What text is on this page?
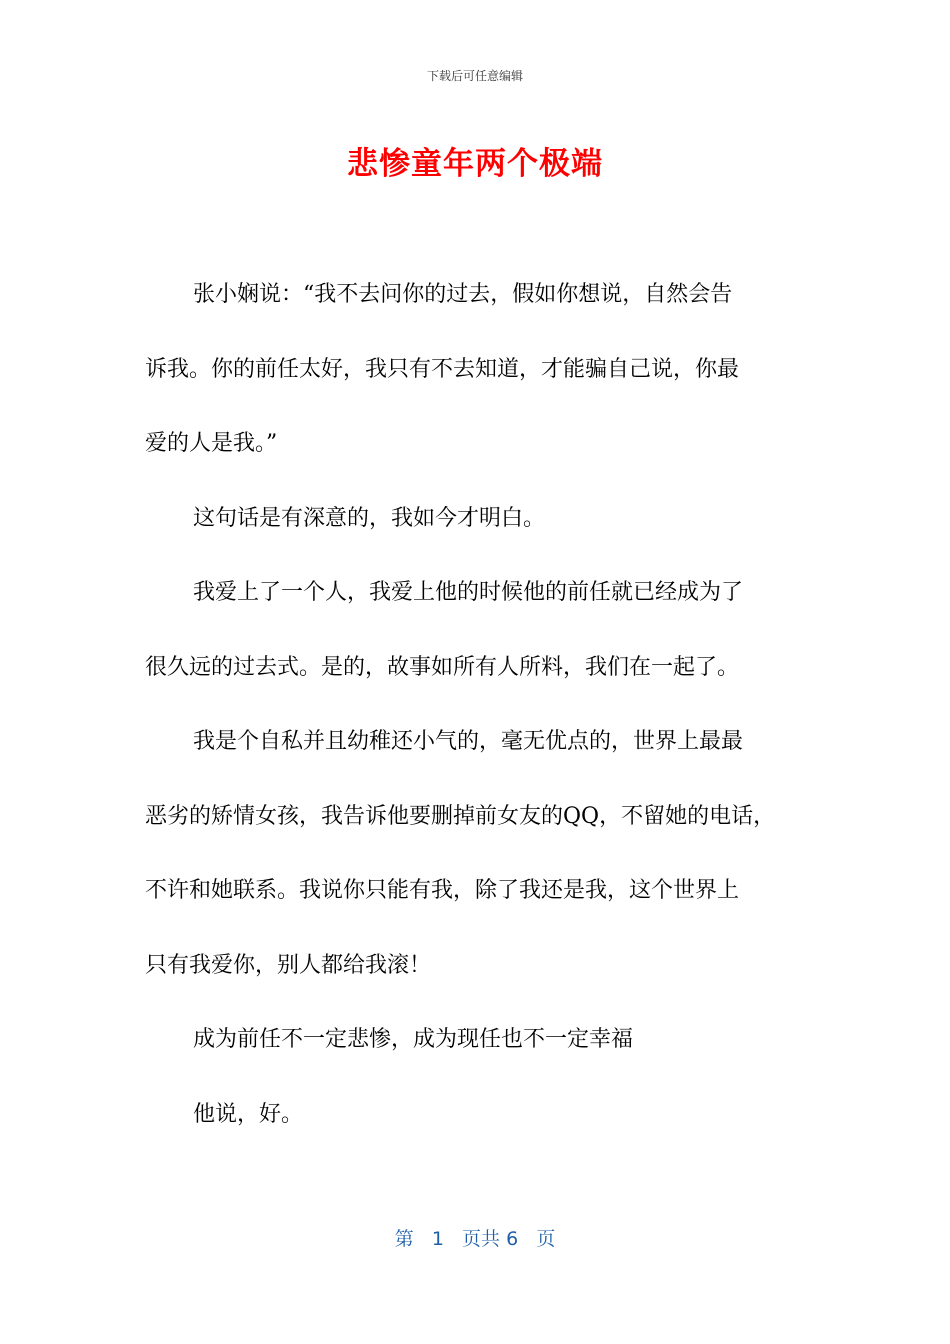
下载后可任意编辑
悲惨童年两个极端

张小娴说：“我不去问你的过去，假如你想说，自然会告
诉我。你的前任太好，我只有不去知道，才能骗自己说，你最
爱的人是我。”

这句话是有深意的，我如今才明白。

我爱上了一个人，我爱上他的时候他的前任就已经成为了
很久远的过去式。是的，故事如所有人所料，我们在一起了。

我是个自私并且幼稚还小气的，毫无优点的，世界上最最
恶劣的矫情女孩，我告诉他要删掉前女友的QQ，不留她的电话，
不许和她联系。我说你只能有我，除了我还是我，这个世界上
只有我爱你，别人都给我滚！

成为前任不一定悲惨，成为现任也不一定幸福

他说，好。

第 1 页共 6 页
